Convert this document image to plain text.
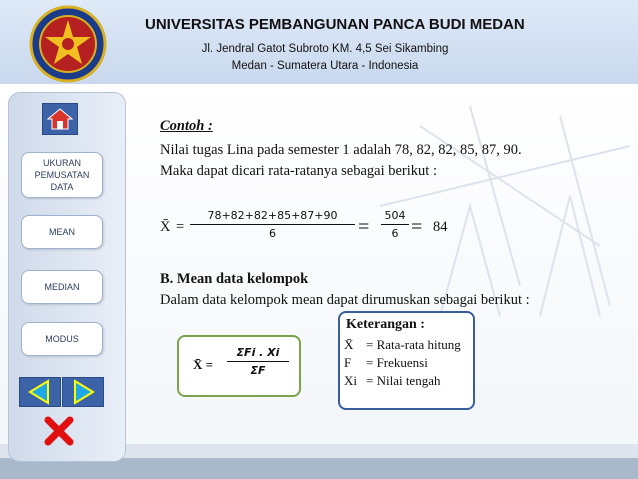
UNIVERSITAS PEMBANGUNAN PANCA BUDI MEDAN
Jl. Jendral Gatot Subroto KM. 4,5 Sei Sikambing
Medan - Sumatera Utara - Indonesia
UKURAN
PEMUSATAN
DATA
MEAN
MEDIAN
MODUS
Contoh :
Nilai tugas Lina pada semester 1 adalah 78, 82, 82, 85, 87, 90.
Maka dapat dicari rata-ratanya sebagai berikut :
X̄ = $\frac{78+82+82+85+87+90}{6} = \frac{504}{6} = 84$
B. Mean data kelompok
Dalam data kelompok mean dapat dirumuskan sebagai berikut :
X̄ =
ΣFi . Xi
ΣF
Keterangan :
X̄ = Rata-rata hitung
F = Frekuensi
Xi = Nilai tengah
